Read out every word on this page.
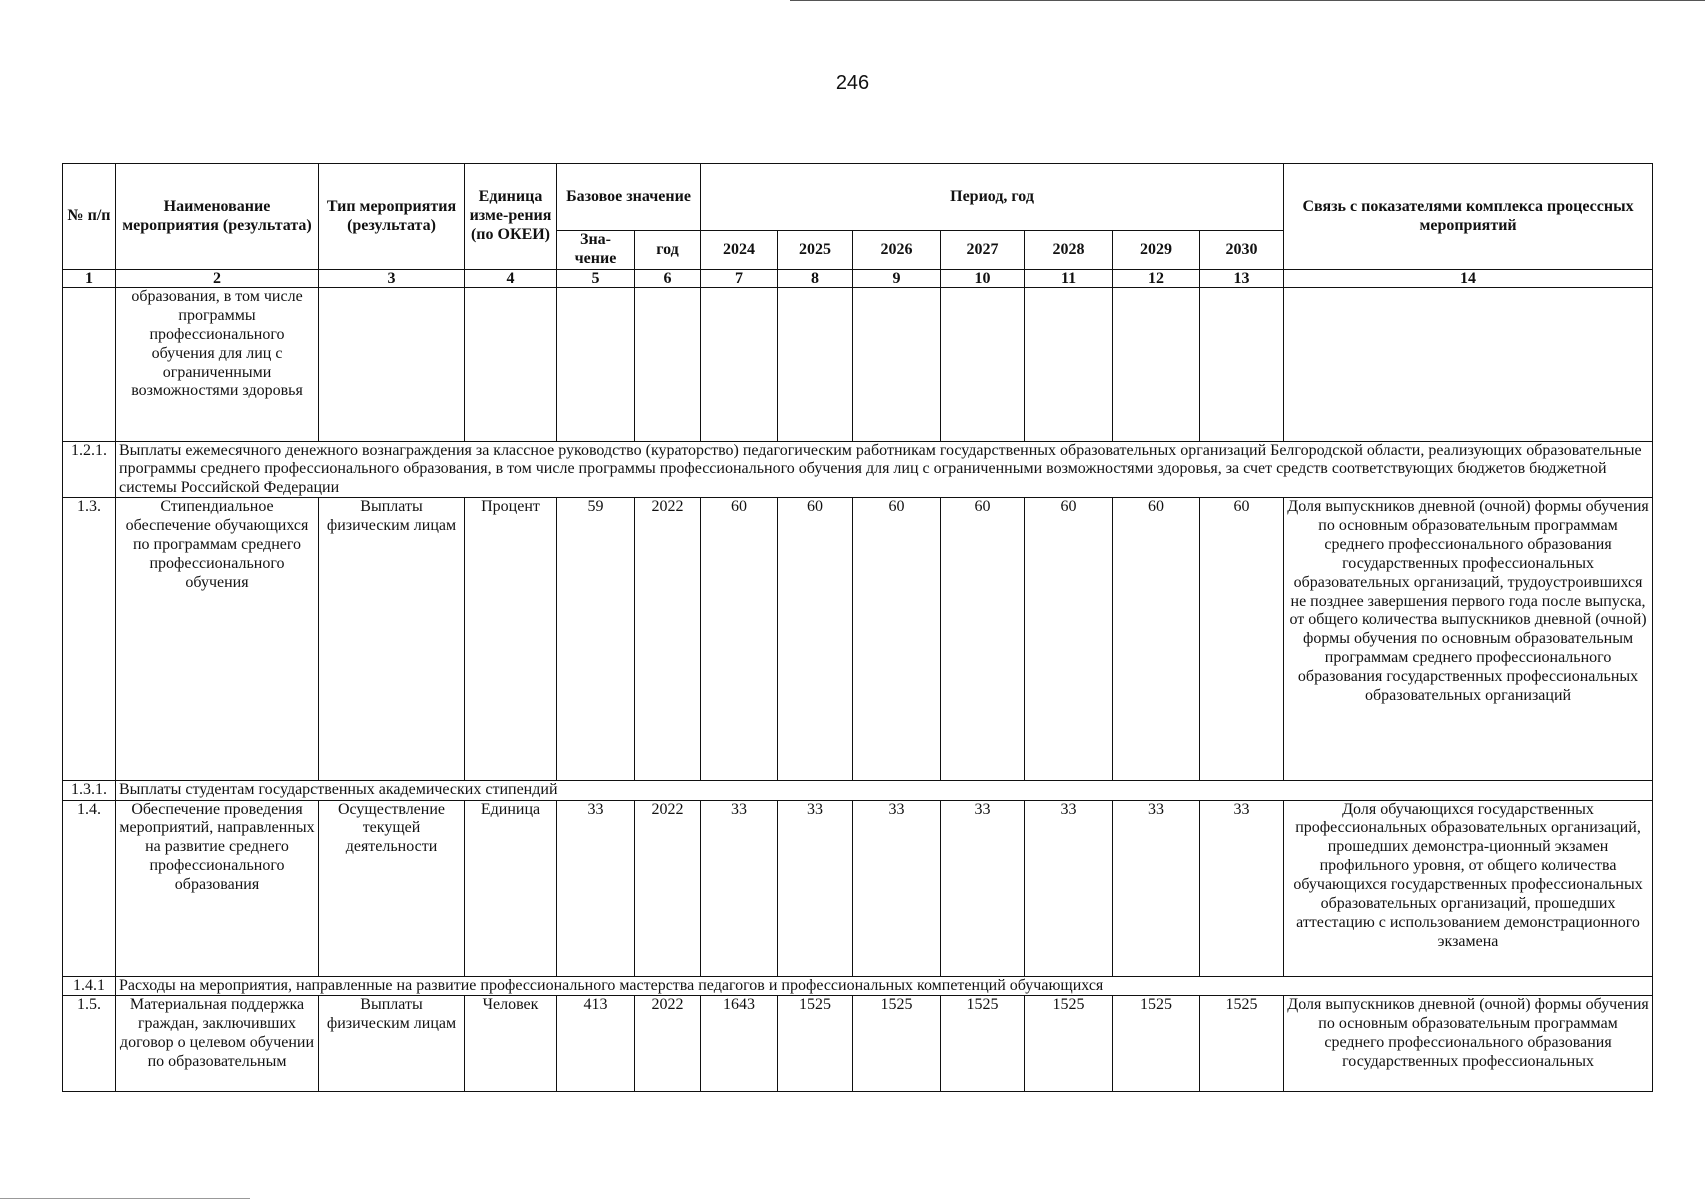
246
№ п/п	Наименование мероприятия (результата)	Тип мероприятия (результата)	Единица изме-рения (по ОКЕИ)	Базовое значение		Период, год							Связь с показателями комплекса процессных мероприятий
				Зна-чение	год	2024	2025	2026	2027	2028	2029	2030	
1	2	3	4	5	6	7	8	9	10	11	12	13	14
	образования, в том числе программы профессионального обучения для лиц с ограниченными возможностями здоровья												
1.2.1.	Выплаты ежемесячного денежного вознаграждения за классное руководство (кураторство) педагогическим работникам государственных образовательных организаций Белгородской области, реализующих образовательные программы среднего профессионального образования, в том числе программы профессионального обучения для лиц с ограниченными возможностями здоровья, за счет средств соответствующих бюджетов бюджетной системы Российской Федерации												
1.3.	Стипендиальное обеспечение обучающихся по программам среднего профессионального обучения	Выплаты физическим лицам	Процент	59	2022	60	60	60	60	60	60	60	Доля выпускников дневной (очной) формы обучения по основным образовательным программам среднего профессионального образования государственных профессиональных образовательных организаций, трудоустроившихся не позднее завершения первого года после выпуска, от общего количества выпускников дневной (очной) формы обучения по основным образовательным программам среднего профессионального образования государственных профессиональных образовательных организаций
1.3.1.	Выплаты студентам государственных академических стипендий												
1.4.	Обеспечение проведения мероприятий, направленных на развитие среднего профессионального образования	Осуществление текущей деятельности	Единица	33	2022	33	33	33	33	33	33	33	Доля обучающихся государственных профессиональных образовательных организаций, прошедших демонстра-ционный экзамен профильного уровня, от общего количества обучающихся государственных профессиональных образовательных организаций, прошедших аттестацию с использованием демонстрационного экзамена
1.4.1	Расходы на мероприятия, направленные на развитие профессионального мастерства педагогов и профессиональных компетенций обучающихся												
1.5.	Материальная поддержка граждан, заключивших договор о целевом обучении по образовательным	Выплаты физическим лицам	Человек	413	2022	1643	1525	1525	1525	1525	1525	1525	Доля выпускников дневной (очной) формы обучения по основным образовательным программам среднего профессионального образования государственных профессиональных
